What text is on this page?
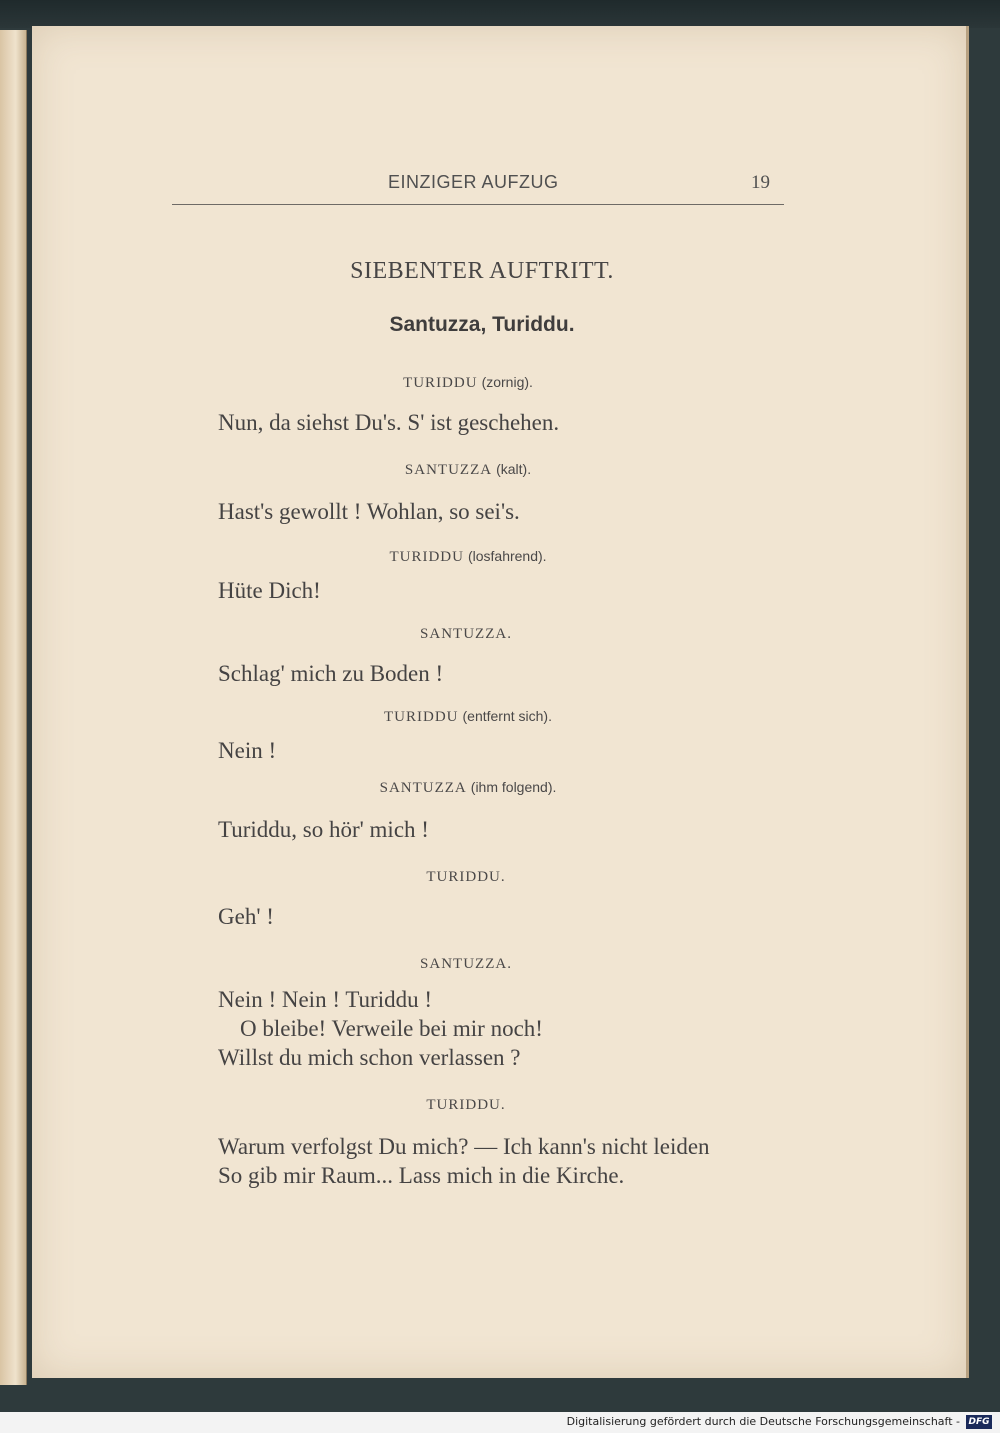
EINZIGER AUFZUG	19
SIEBENTER AUFTRITT.
Santuzza, Turiddu.
TURIDDU (zornig).
Nun, da siehst Du's. S' ist geschehen.
SANTUZZA (kalt).
Hast's gewollt ! Wohlan, so sei's.
TURIDDU (losfahrend).
Hüte Dich!
SANTUZZA.
Schlag' mich zu Boden !
TURIDDU (entfernt sich).
Nein !
SANTUZZA (ihm folgend).
Turiddu, so hör' mich !
TURIDDU.
Geh' !
SANTUZZA.
Nein ! Nein ! Turiddu !
O bleibe! Verweile bei mir noch!
Willst du mich schon verlassen ?
TURIDDU.
Warum verfolgst Du mich? — Ich kann's nicht leiden
So gib mir Raum... Lass mich in die Kirche.
Digitalisierung gefördert durch die Deutsche Forschungsgemeinschaft - DFG
